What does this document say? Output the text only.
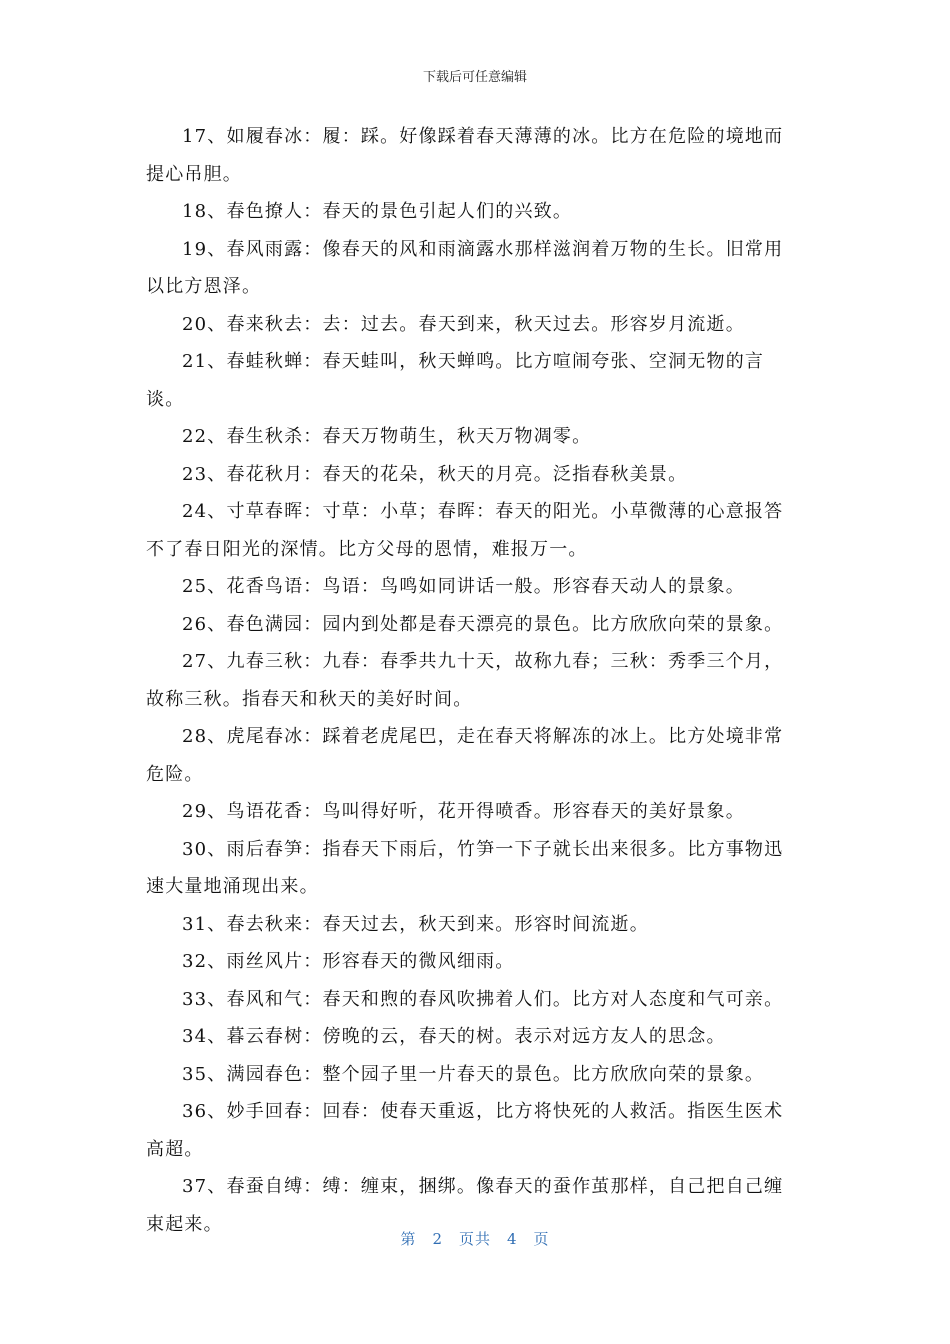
下载后可任意编辑

17、如履春冰：履：踩。好像踩着春天薄薄的冰。比方在危险的境地而提心吊胆。

18、春色撩人：春天的景色引起人们的兴致。

19、春风雨露：像春天的风和雨滴露水那样滋润着万物的生长。旧常用以比方恩泽。

20、春来秋去：去：过去。春天到来，秋天过去。形容岁月流逝。

21、春蛙秋蝉：春天蛙叫，秋天蝉鸣。比方喧闹夸张、空洞无物的言谈。

22、春生秋杀：春天万物萌生，秋天万物凋零。

23、春花秋月：春天的花朵，秋天的月亮。泛指春秋美景。

24、寸草春晖：寸草：小草；春晖：春天的阳光。小草微薄的心意报答不了春日阳光的深情。比方父母的恩情，难报万一。

25、花香鸟语：鸟语：鸟鸣如同讲话一般。形容春天动人的景象。

26、春色满园：园内到处都是春天漂亮的景色。比方欣欣向荣的景象。

27、九春三秋：九春：春季共九十天，故称九春；三秋：秀季三个月，故称三秋。指春天和秋天的美好时间。

28、虎尾春冰：踩着老虎尾巴，走在春天将解冻的冰上。比方处境非常危险。

29、鸟语花香：鸟叫得好听，花开得喷香。形容春天的美好景象。

30、雨后春笋：指春天下雨后，竹笋一下子就长出来很多。比方事物迅速大量地涌现出来。

31、春去秋来：春天过去，秋天到来。形容时间流逝。

32、雨丝风片：形容春天的微风细雨。

33、春风和气：春天和煦的春风吹拂着人们。比方对人态度和气可亲。

34、暮云春树：傍晚的云，春天的树。表示对远方友人的思念。

35、满园春色：整个园子里一片春天的景色。比方欣欣向荣的景象。

36、妙手回春：回春：使春天重返，比方将快死的人救活。指医生医术高超。

37、春蚕自缚：缚：缠束，捆绑。像春天的蚕作茧那样，自己把自己缠束起来。

第 2 页共 4 页
